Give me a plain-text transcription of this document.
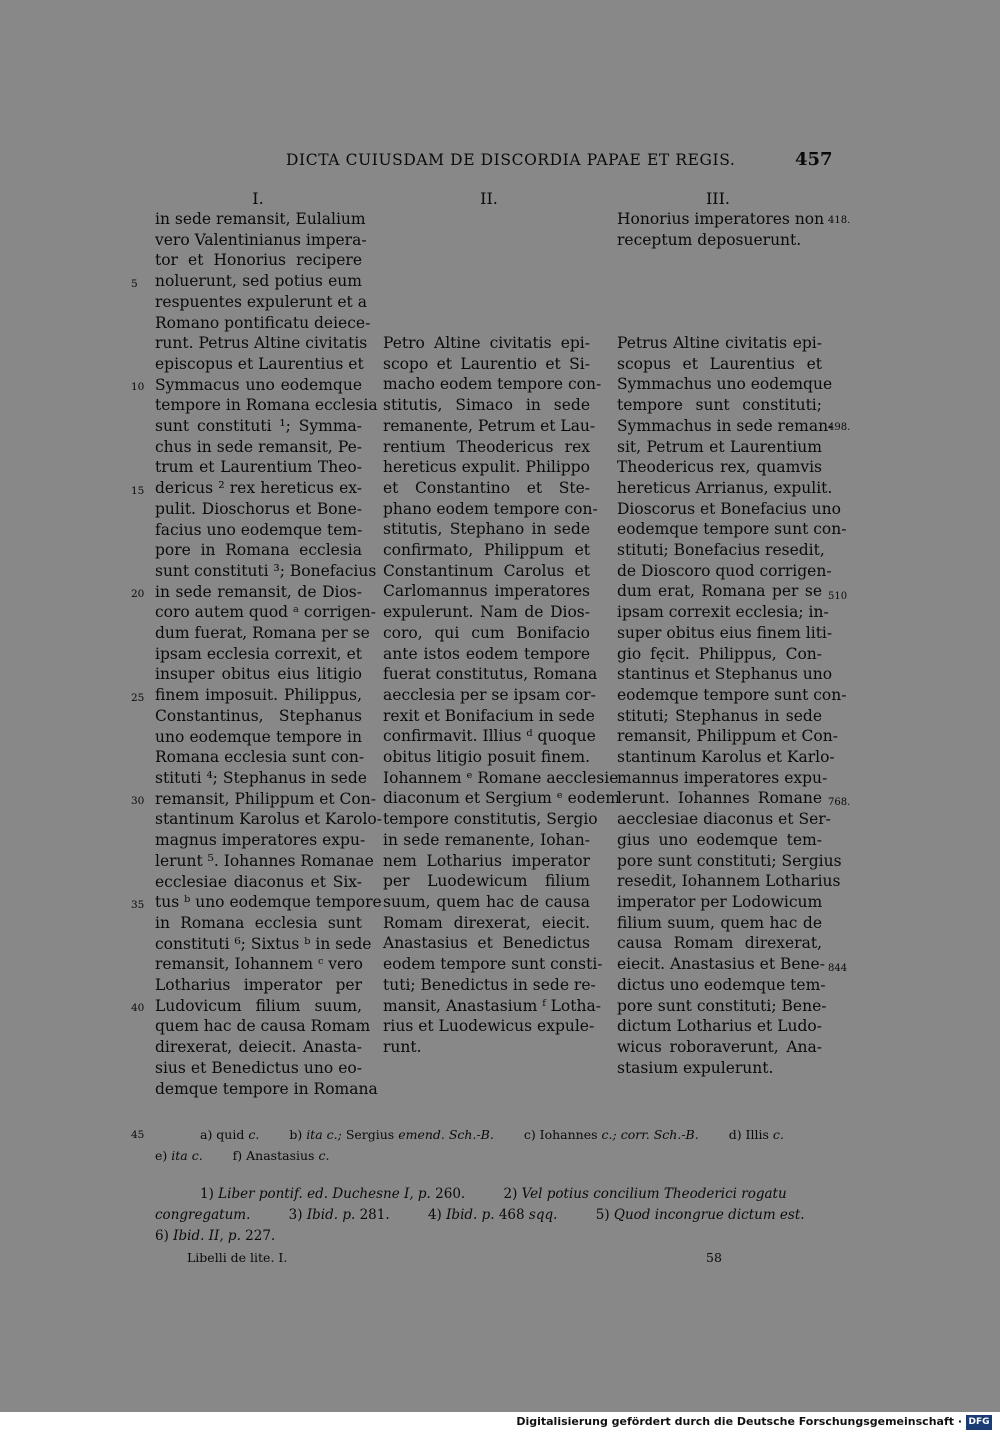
DICTA CUIUSDAM DE DISCORDIA PAPAE ET REGIS.	457
I.	II.	III.
in sede remansit, Eulalium
vero Valentinianus impera-
tor et Honorius recipere
noluerunt, sed potius eum
respuentes expulerunt et a
Romano pontificatu deiece-
runt. Petrus Altine civitatis
episcopus et Laurentius et
Symmacus uno eodemque
tempore in Romana ecclesia
sunt constituti ¹; Symma-
chus in sede remansit, Pe-
trum et Laurentium Theo-
dericus ² rex hereticus ex-
pulit. Dioschorus et Bone-
facius uno eodemque tem-
pore in Romana ecclesia
sunt constituti ³; Bonefacius
in sede remansit, de Dios-
coro autem quod ᵃ corrigen-
dum fuerat, Romana per se
ipsam ecclesia correxit, et
insuper obitus eius litigio
finem imposuit. Philippus,
Constantinus, Stephanus
uno eodemque tempore in
Romana ecclesia sunt con-
stituti ⁴; Stephanus in sede
remansit, Philippum et Con-
stantinum Karolus et Karolo-
magnus imperatores expu-
lerunt ⁵. Iohannes Romanae
ecclesiae diaconus et Six-
tus ᵇ uno eodemque tempore
in Romana ecclesia sunt
constituti ⁶; Sixtus ᵇ in sede
remansit, Iohannem ᶜ vero
Lotharius imperator per
Ludovicum filium suum,
quem hac de causa Romam
direxerat, deiecit. Anasta-
sius et Benedictus uno eo-
demque tempore in Romana
Petro Altine civitatis epi-
scopo et Laurentio et Si-
macho eodem tempore con-
stitutis, Simaco in sede
remanente, Petrum et Lau-
rentium Theodericus rex
hereticus expulit. Philippo
et Constantino et Ste-
phano eodem tempore con-
stitutis, Stephano in sede
confirmato, Philippum et
Constantinum Carolus et
Carlomannus imperatores
expulerunt. Nam de Dios-
coro, qui cum Bonifacio
ante istos eodem tempore
fuerat constitutus, Romana
aecclesia per se ipsam cor-
rexit et Bonifacium in sede
confirmavit. Illius ᵈ quoque
obitus litigio posuit finem.
Iohannem ᵉ Romane aecclesie
diaconum et Sergium ᵉ eodem
tempore constitutis, Sergio
in sede remanente, Iohan-
nem Lotharius imperator
per Luodewicum filium
suum, quem hac de causa
Romam direxerat, eiecit.
Anastasius et Benedictus
eodem tempore sunt consti-
tuti; Benedictus in sede re-
mansit, Anastasium ᶠ Lotha-
rius et Luodewicus expule-
runt.
Honorius imperatores non
receptum deposuerunt.
Petrus Altine civitatis epi-
scopus et Laurentius et
Symmachus uno eodemque
tempore sunt constituti;
Symmachus in sede reman-
sit, Petrum et Laurentium
Theodericus rex, quamvis
hereticus Arrianus, expulit.
Dioscorus et Bonefacius uno
eodemque tempore sunt con-
stituti; Bonefacius resedit,
de Dioscoro quod corrigen-
dum erat, Romana per se
ipsam correxit ecclesia; in-
super obitus eius finem liti-
gio fęcit. Philippus, Con-
stantinus et Stephanus uno
eodemque tempore sunt con-
stituti; Stephanus in sede
remansit, Philippum et Con-
stantinum Karolus et Karlo-
mannus imperatores expu-
lerunt. Iohannes Romane
aecclesiae diaconus et Ser-
gius uno eodemque tem-
pore sunt constituti; Sergius
resedit, Iohannem Lotharius
imperator per Lodowicum
filium suum, quem hac de
causa Romam direxerat,
eiecit. Anastasius et Bene-
dictus uno eodemque tem-
pore sunt constituti; Bene-
dictum Lotharius et Ludo-
wicus roboraverunt, Ana-
stasium expulerunt.
5
10
15
20
25
30
35
40
45
418.
498.
510
768.
844
a) quid c. b) ita c.; Sergius emend. Sch.-B. c) Iohannes c.; corr. Sch.-B. d) Illis c.
e) ita c. f) Anastasius c.
1) Liber pontif. ed. Duchesne I, p. 260.	2) Vel potius concilium Theoderici rogatu
congregatum.	3) Ibid. p. 281.	4) Ibid. p. 468 sqq.	5) Quod incongrue dictum est.
6) Ibid. II, p. 227.
Libelli de lite. I.	58
Digitalisierung gefördert durch die Deutsche Forschungsgemeinschaft · DFG
